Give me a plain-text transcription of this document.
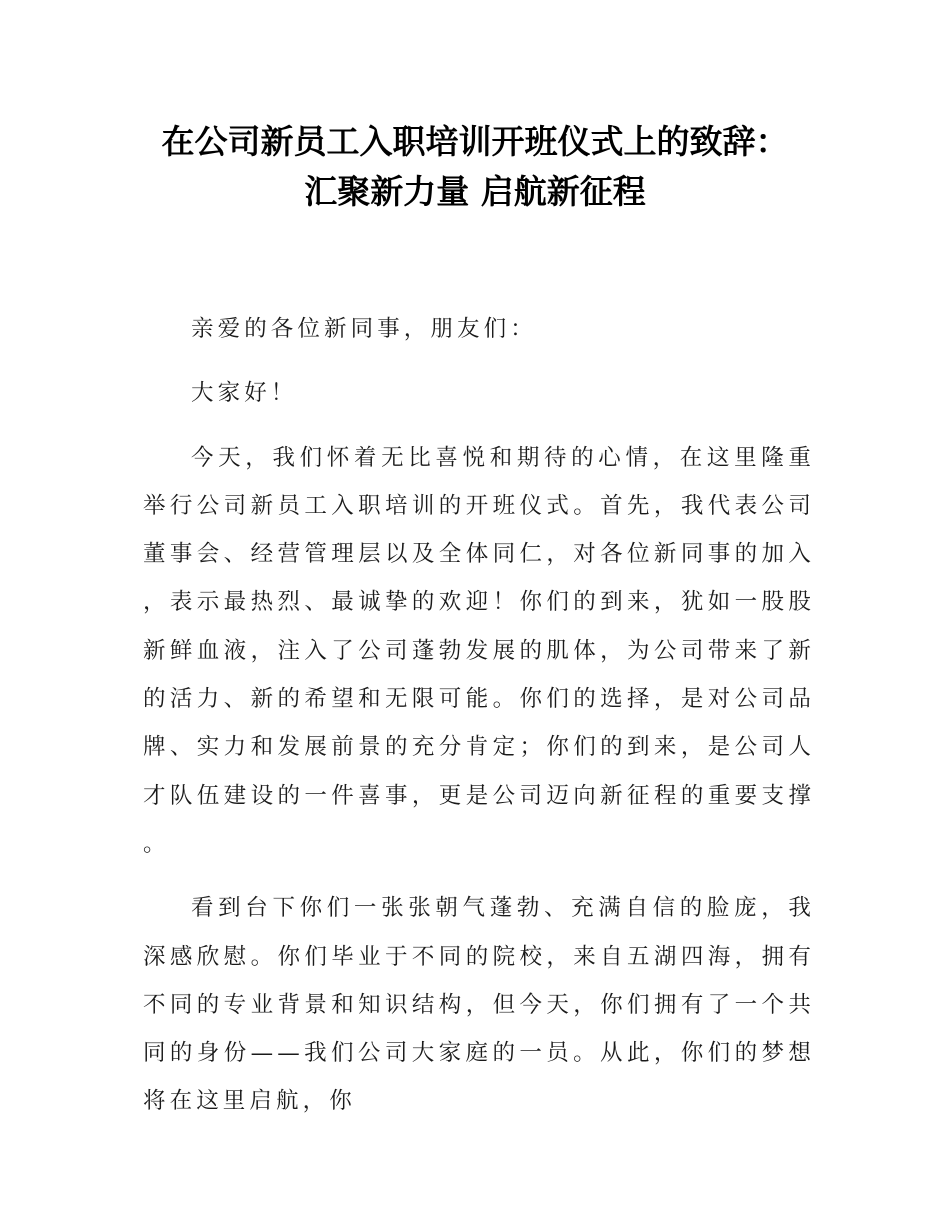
在公司新员工入职培训开班仪式上的致辞：
汇聚新力量 启航新征程

亲爱的各位新同事，朋友们：

大家好！

今天，我们怀着无比喜悦和期待的心情，在这里隆重举行公司新员工入职培训的开班仪式。首先，我代表公司董事会、经营管理层以及全体同仁，对各位新同事的加入，表示最热烈、最诚挚的欢迎！你们的到来，犹如一股股新鲜血液，注入了公司蓬勃发展的肌体，为公司带来了新的活力、新的希望和无限可能。你们的选择，是对公司品牌、实力和发展前景的充分肯定；你们的到来，是公司人才队伍建设的一件喜事，更是公司迈向新征程的重要支撑。

看到台下你们一张张朝气蓬勃、充满自信的脸庞，我深感欣慰。你们毕业于不同的院校，来自五湖四海，拥有不同的专业背景和知识结构，但今天，你们拥有了一个共同的身份——我们公司大家庭的一员。从此，你们的梦想将在这里启航，你
